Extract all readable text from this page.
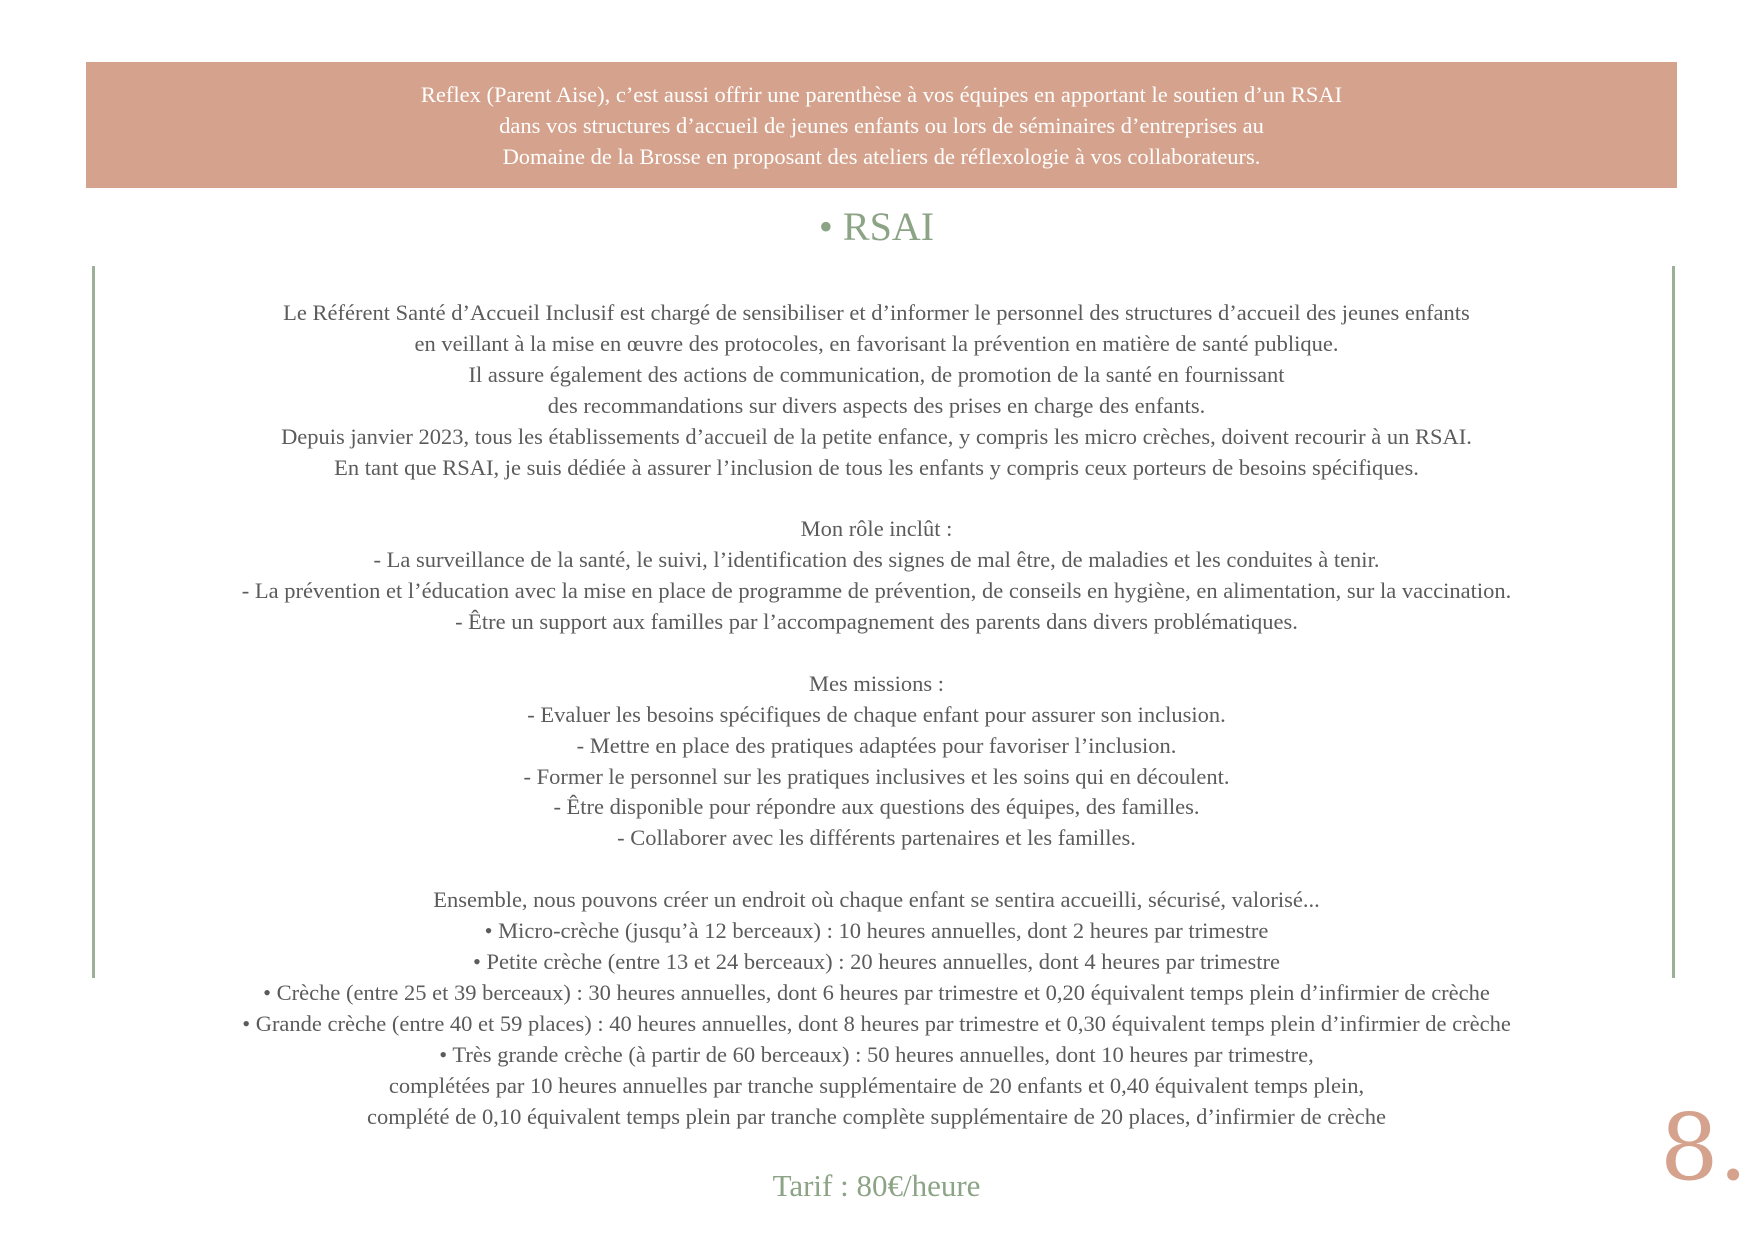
Reflex (Parent Aise), c’est aussi offrir une parenthèse à vos équipes en apportant le soutien d’un RSAI
dans vos structures d’accueil de jeunes enfants ou lors de séminaires d’entreprises au
Domaine de la Brosse en proposant des ateliers de réflexologie à vos collaborateurs.
• RSAI
Le Référent Santé d’Accueil Inclusif est chargé de sensibiliser et d’informer le personnel des structures d’accueil des jeunes enfants
en veillant à la mise en œuvre des protocoles, en favorisant la prévention en matière de santé publique.
Il assure également des actions de communication, de promotion de la santé en fournissant
des recommandations sur divers aspects des prises en charge des enfants.
Depuis janvier 2023, tous les établissements d’accueil de la petite enfance, y compris les micro crèches, doivent recourir à un RSAI.
En tant que RSAI, je suis dédiée à assurer l’inclusion de tous les enfants y compris ceux porteurs de besoins spécifiques.
Mon rôle inclût :
- La surveillance de la santé, le suivi, l’identification des signes de mal être, de maladies et les conduites à tenir.
- La prévention et l’éducation avec la mise en place de programme de prévention, de conseils en hygiène, en alimentation, sur la vaccination.
- Être un support aux familles par l’accompagnement des parents dans divers problématiques.
Mes missions :
- Evaluer les besoins spécifiques de chaque enfant pour assurer son inclusion.
- Mettre en place des pratiques adaptées pour favoriser l’inclusion.
- Former le personnel sur les pratiques inclusives et les soins qui en découlent.
- Être disponible pour répondre aux questions des équipes, des familles.
- Collaborer avec les différents partenaires et les familles.
Ensemble, nous pouvons créer un endroit où chaque enfant se sentira accueilli, sécurisé, valorisé...
• Micro-crèche (jusqu’à 12 berceaux) : 10 heures annuelles, dont 2 heures par trimestre
• Petite crèche (entre 13 et 24 berceaux) : 20 heures annuelles, dont 4 heures par trimestre
• Crèche (entre 25 et 39 berceaux) : 30 heures annuelles, dont 6 heures par trimestre et 0,20 équivalent temps plein d’infirmier de crèche
• Grande crèche (entre 40 et 59 places) : 40 heures annuelles, dont 8 heures par trimestre et 0,30 équivalent temps plein d’infirmier de crèche
• Très grande crèche (à partir de 60 berceaux) : 50 heures annuelles, dont 10 heures par trimestre,
complétées par 10 heures annuelles par tranche supplémentaire de 20 enfants et 0,40 équivalent temps plein,
complété de 0,10 équivalent temps plein par tranche complète supplémentaire de 20 places, d’infirmier de crèche
Tarif : 80€/heure	8.
